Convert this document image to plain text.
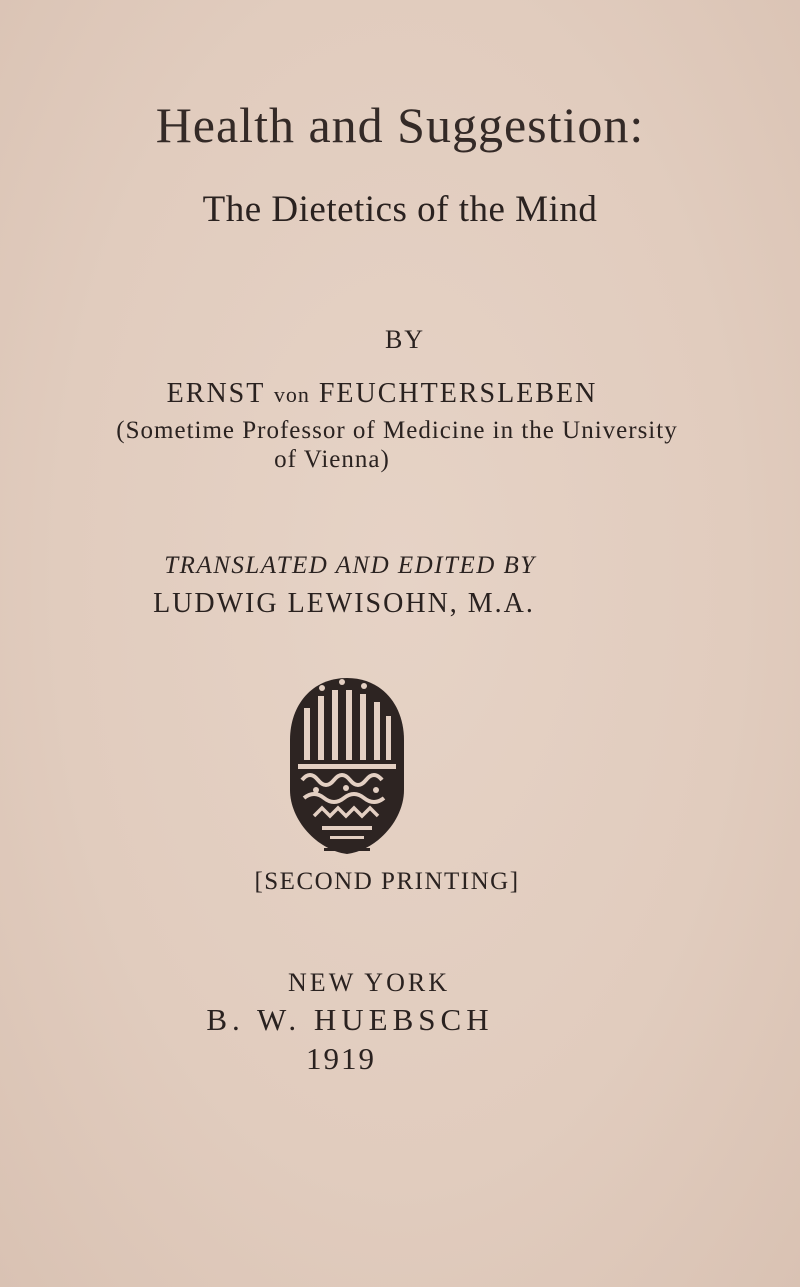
Health and Suggestion:
The Dietetics of the Mind
BY
ERNST von FEUCHTERSLEBEN
(Sometime Professor of Medicine in the University
of Vienna)
TRANSLATED AND EDITED BY
LUDWIG LEWISOHN, M.A.
[SECOND PRINTING]
NEW YORK
B. W. HUEBSCH
1919
